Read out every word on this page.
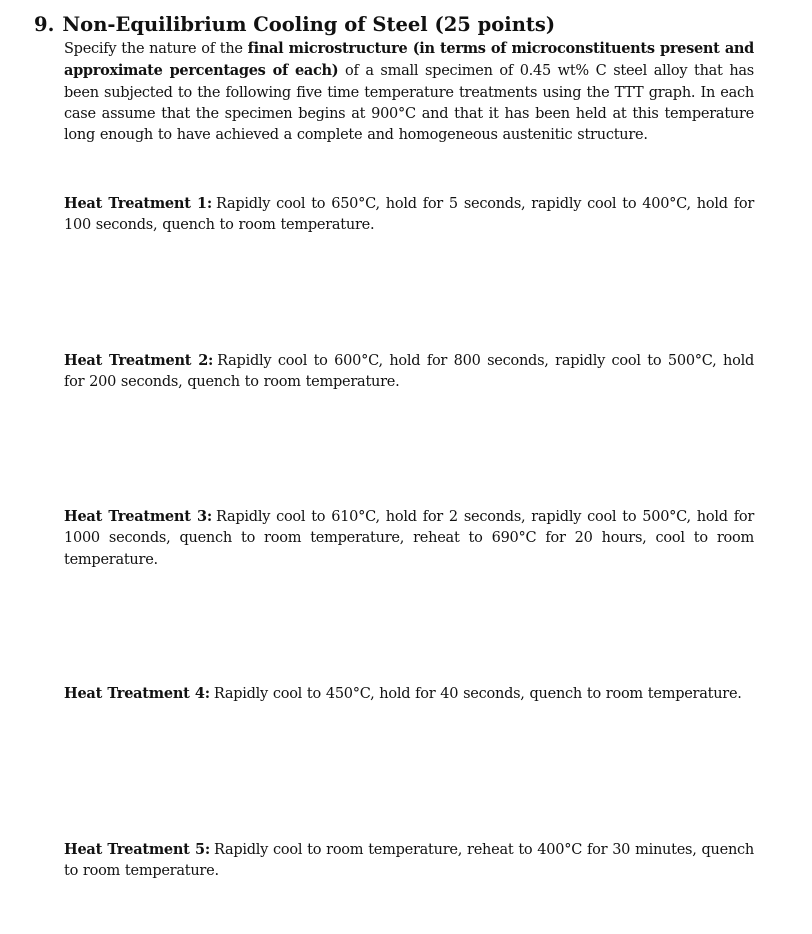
9. Non-Equilibrium Cooling of Steel (25 points)
Specify the nature of the final microstructure (in terms of microconstituents present and approximate percentages of each) of a small specimen of 0.45 wt% C steel alloy that has been subjected to the following five time temperature treatments using the TTT graph. In each case assume that the specimen begins at 900°C and that it has been held at this temperature long enough to have achieved a complete and homogeneous austenitic structure.
Heat Treatment 1: Rapidly cool to 650°C, hold for 5 seconds, rapidly cool to 400°C, hold for 100 seconds, quench to room temperature.
Heat Treatment 2: Rapidly cool to 600°C, hold for 800 seconds, rapidly cool to 500°C, hold for 200 seconds, quench to room temperature.
Heat Treatment 3: Rapidly cool to 610°C, hold for 2 seconds, rapidly cool to 500°C, hold for 1000 seconds, quench to room temperature, reheat to 690°C for 20 hours, cool to room temperature.
Heat Treatment 4: Rapidly cool to 450°C, hold for 40 seconds, quench to room temperature.
Heat Treatment 5: Rapidly cool to room temperature, reheat to 400°C for 30 minutes, quench to room temperature.
